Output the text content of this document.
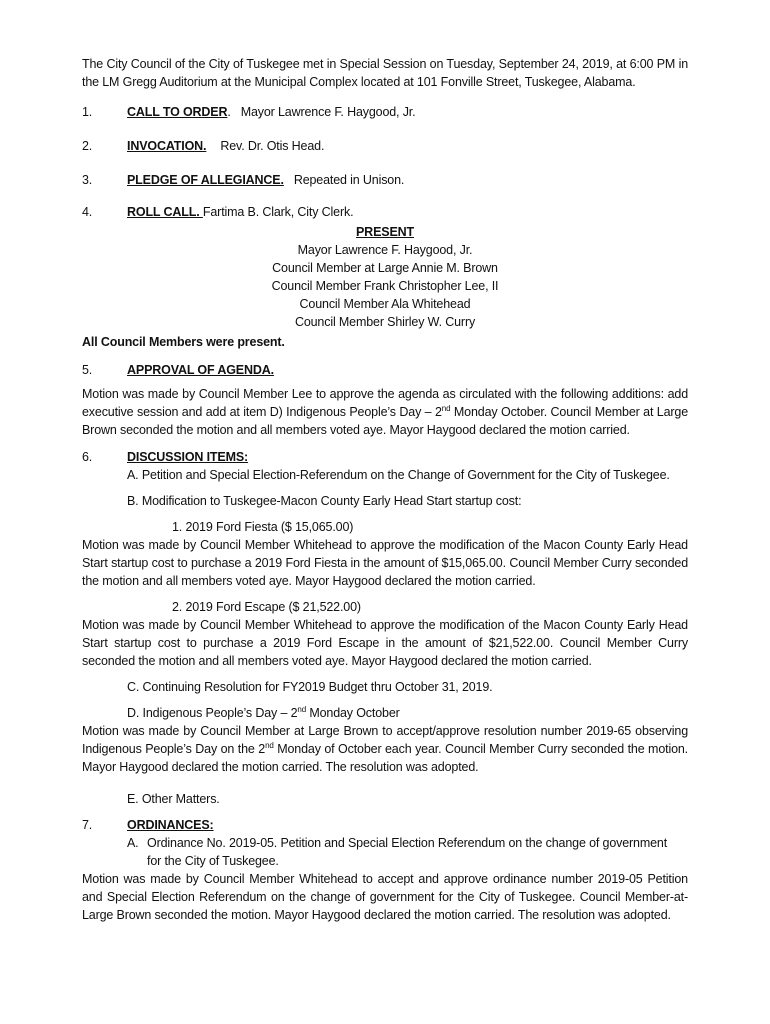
The City Council of the City of Tuskegee met in Special Session on Tuesday, September 24, 2019, at 6:00 PM in the LM Gregg Auditorium at the Municipal Complex located at 101 Fonville Street, Tuskegee, Alabama.

1.	CALL TO ORDER. Mayor Lawrence F. Haygood, Jr.
2.	INVOCATION. Rev. Dr. Otis Head.
3.	PLEDGE OF ALLEGIANCE. Repeated in Unison.
4.	ROLL CALL. Fartima B. Clark, City Clerk.
PRESENT
Mayor Lawrence F. Haygood, Jr.
Council Member at Large Annie M. Brown
Council Member Frank Christopher Lee, II
Council Member Ala Whitehead
Council Member Shirley W. Curry
All Council Members were present.
5.	APPROVAL OF AGENDA.

Motion was made by Council Member Lee to approve the agenda as circulated with the following additions: add executive session and add at item D) Indigenous People’s Day – 2nd Monday October. Council Member at Large Brown seconded the motion and all members voted aye. Mayor Haygood declared the motion carried.

6.	DISCUSSION ITEMS:

A. Petition and Special Election-Referendum on the Change of Government for the City of Tuskegee.

B. Modification to Tuskegee-Macon County Early Head Start startup cost:

1. 2019 Ford Fiesta ($ 15,065.00)

Motion was made by Council Member Whitehead to approve the modification of the Macon County Early Head Start startup cost to purchase a 2019 Ford Fiesta in the amount of $15,065.00. Council Member Curry seconded the motion and all members voted aye. Mayor Haygood declared the motion carried.

2. 2019 Ford Escape ($ 21,522.00)

Motion was made by Council Member Whitehead to approve the modification of the Macon County Early Head Start startup cost to purchase a 2019 Ford Escape in the amount of $21,522.00. Council Member Curry seconded the motion and all members voted aye. Mayor Haygood declared the motion carried.

C. Continuing Resolution for FY2019 Budget thru October 31, 2019.

D. Indigenous People’s Day – 2nd Monday October

Motion was made by Council Member at Large Brown to accept/approve resolution number 2019-65 observing Indigenous People’s Day on the 2nd Monday of October each year. Council Member Curry seconded the motion. Mayor Haygood declared the motion carried. The resolution was adopted.

E. Other Matters.

7.	ORDINANCES:
A. Ordinance No. 2019-05. Petition and Special Election Referendum on the change of government for the City of Tuskegee.

Motion was made by Council Member Whitehead to accept and approve ordinance number 2019-05 Petition and Special Election Referendum on the change of government for the City of Tuskegee. Council Member-at-Large Brown seconded the motion. Mayor Haygood declared the motion carried. The resolution was adopted.
